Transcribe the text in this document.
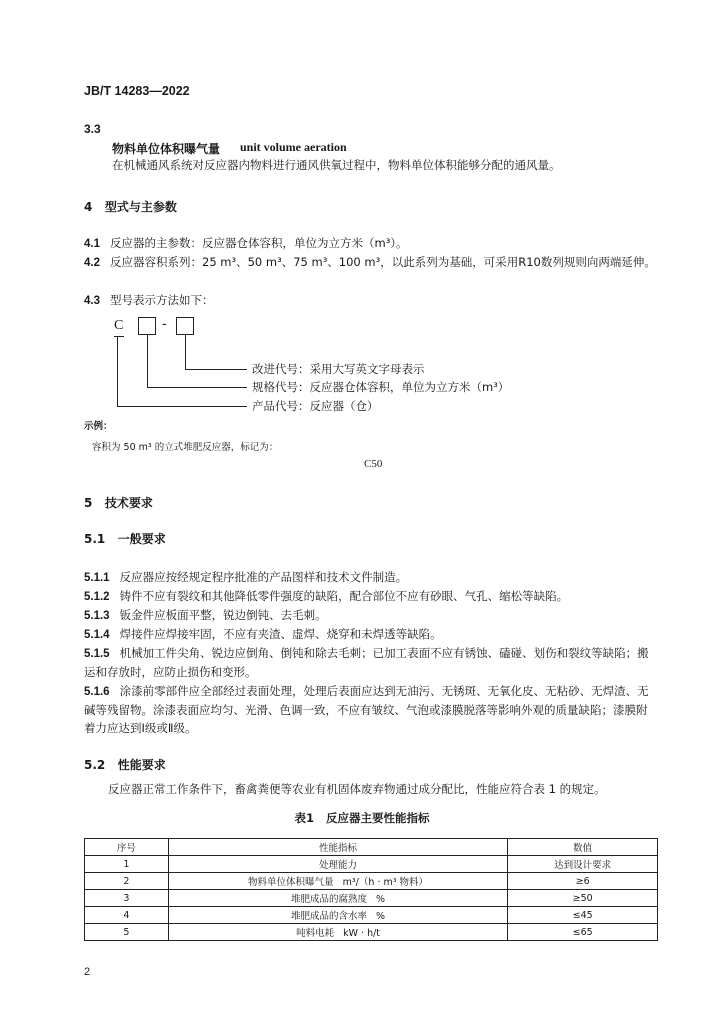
JB/T 14283—2022
3.3
物料单位体积曝气量 unit volume aeration
在机械通风系统对反应器内物料进行通风供氧过程中，物料单位体积能够分配的通风量。
4   型式与主参数
4.1 反应器的主参数：反应器仓体容积，单位为立方米（m³）。
4.2 反应器容积系列：25 m³、50 m³、75 m³、100 m³，以此系列为基础，可采用R10数列规则向两端延伸。
4.3 型号表示方法如下：
C	-
改进代号：采用大写英文字母表示
规格代号：反应器仓体容积，单位为立方米（m³）
产品代号：反应器（仓）
示例：
容积为 50 m³ 的立式堆肥反应器，标记为：
C50
5   技术要求
5.1   一般要求
5.1.1 反应器应按经规定程序批准的产品图样和技术文件制造。
5.1.2 铸件不应有裂纹和其他降低零件强度的缺陷，配合部位不应有砂眼、气孔、缩松等缺陷。
5.1.3 钣金件应板面平整，锐边倒钝、去毛刺。
5.1.4 焊接件应焊接牢固，不应有夹渣、虚焊、烧穿和未焊透等缺陷。
5.1.5 机械加工件尖角、锐边应倒角、倒钝和除去毛刺；已加工表面不应有锈蚀、磕碰、划伤和裂纹等缺陷；搬运和存放时，应防止损伤和变形。
5.1.6 涂漆前零部件应全部经过表面处理，处理后表面应达到无油污、无锈斑、无氧化皮、无粘砂、无焊渣、无碱等残留物。涂漆表面应均匀、光滑、色调一致，不应有皱纹、气泡或漆膜脱落等影响外观的质量缺陷；漆膜附着力应达到Ⅰ级或Ⅱ级。
5.2   性能要求
反应器正常工作条件下，畜禽粪便等农业有机固体废弃物通过成分配比，性能应符合表 1 的规定。
表1   反应器主要性能指标
序号	性能指标	数值
1	处理能力	达到设计要求
2	物料单位体积曝气量   m³/（h · m³ 物料）	≥6
3	堆肥成品的腐熟度   %	≥50
4	堆肥成品的含水率   %	≤45
5	吨料电耗   kW · h/t	≤65
2
